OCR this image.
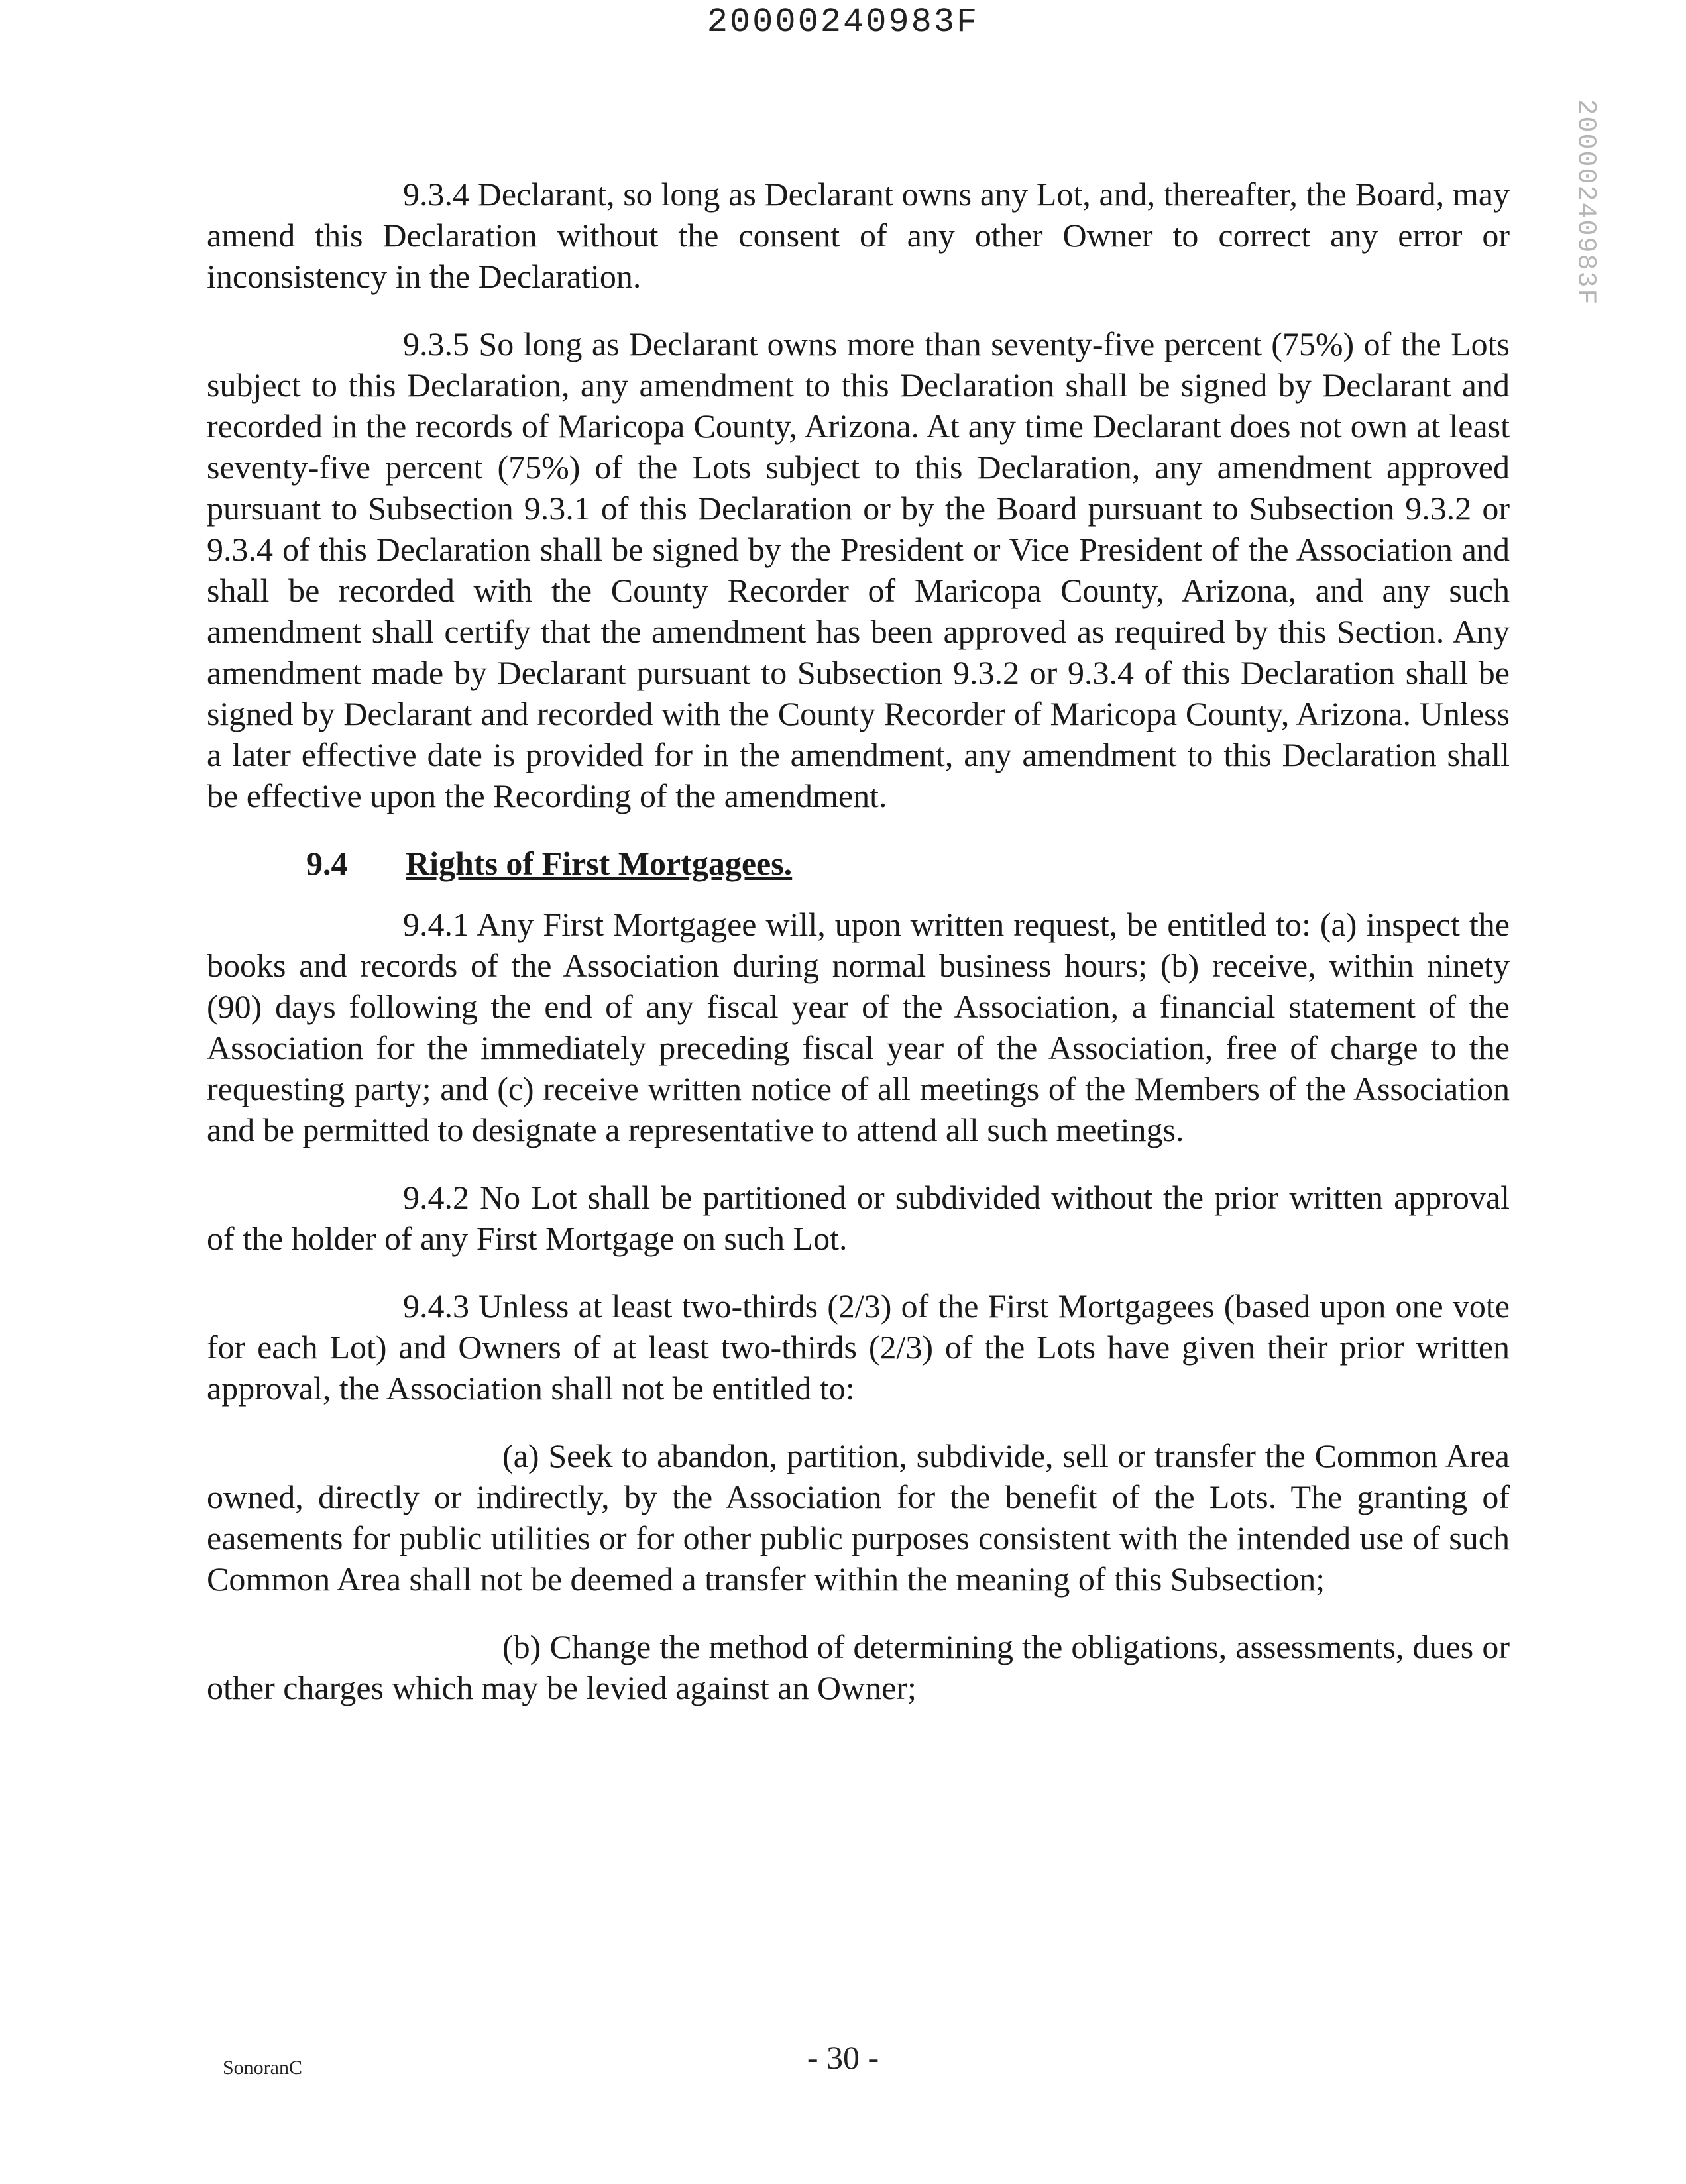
20000240983F
20000240983F

9.3.4 Declarant, so long as Declarant owns any Lot, and, thereafter, the Board, may amend this Declaration without the consent of any other Owner to correct any error or inconsistency in the Declaration.

9.3.5 So long as Declarant owns more than seventy-five percent (75%) of the Lots subject to this Declaration, any amendment to this Declaration shall be signed by Declarant and recorded in the records of Maricopa County, Arizona. At any time Declarant does not own at least seventy-five percent (75%) of the Lots subject to this Declaration, any amendment approved pursuant to Subsection 9.3.1 of this Declaration or by the Board pursuant to Subsection 9.3.2 or 9.3.4 of this Declaration shall be signed by the President or Vice President of the Association and shall be recorded with the County Recorder of Maricopa County, Arizona, and any such amendment shall certify that the amendment has been approved as required by this Section. Any amendment made by Declarant pursuant to Subsection 9.3.2 or 9.3.4 of this Declaration shall be signed by Declarant and recorded with the County Recorder of Maricopa County, Arizona. Unless a later effective date is provided for in the amendment, any amendment to this Declaration shall be effective upon the Recording of the amendment.

9.4	Rights of First Mortgagees.

9.4.1 Any First Mortgagee will, upon written request, be entitled to: (a) inspect the books and records of the Association during normal business hours; (b) receive, within ninety (90) days following the end of any fiscal year of the Association, a financial statement of the Association for the immediately preceding fiscal year of the Association, free of charge to the requesting party; and (c) receive written notice of all meetings of the Members of the Association and be permitted to designate a representative to attend all such meetings.

9.4.2 No Lot shall be partitioned or subdivided without the prior written approval of the holder of any First Mortgage on such Lot.

9.4.3 Unless at least two-thirds (2/3) of the First Mortgagees (based upon one vote for each Lot) and Owners of at least two-thirds (2/3) of the Lots have given their prior written approval, the Association shall not be entitled to:

(a) Seek to abandon, partition, subdivide, sell or transfer the Common Area owned, directly or indirectly, by the Association for the benefit of the Lots. The granting of easements for public utilities or for other public purposes consistent with the intended use of such Common Area shall not be deemed a transfer within the meaning of this Subsection;

(b) Change the method of determining the obligations, assessments, dues or other charges which may be levied against an Owner;

SonoranC	- 30 -
